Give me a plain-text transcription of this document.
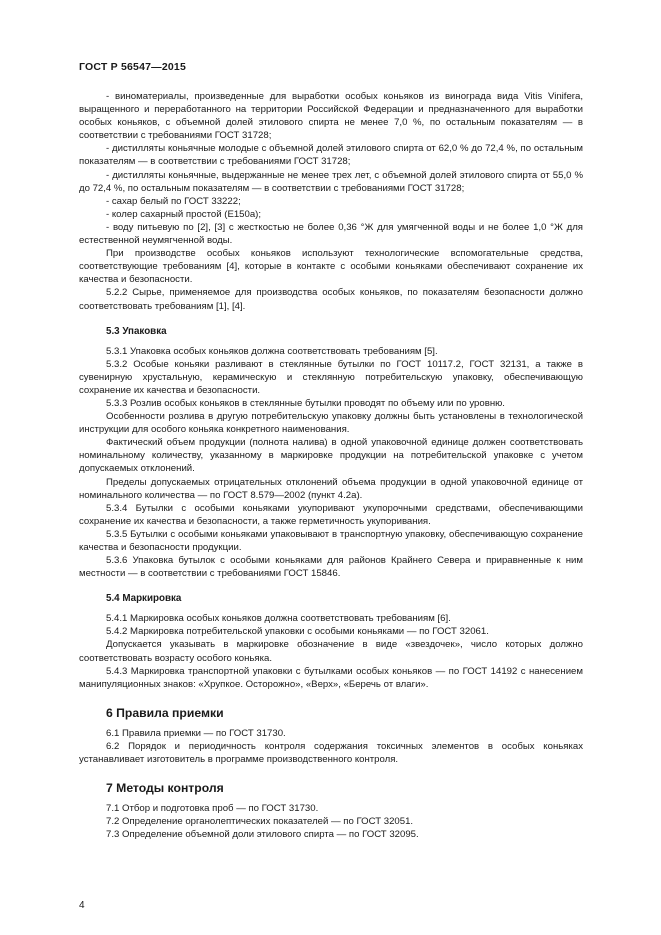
ГОСТ Р 56547—2015

- виноматериалы, произведенные для выработки особых коньяков из винограда вида Vitis Vinifera, выращенного и переработанного на территории Российской Федерации и предназначенного для выработки особых коньяков, с объемной долей этилового спирта не менее 7,0 %, по остальным показателям — в соответствии с требованиями ГОСТ 31728;

- дистилляты коньячные молодые с объемной долей этилового спирта от 62,0 % до 72,4 %, по остальным показателям — в соответствии с требованиями ГОСТ 31728;

- дистилляты коньячные, выдержанные не менее трех лет, с объемной долей этилового спирта от 55,0 % до 72,4 %, по остальным показателям — в соответствии с требованиями ГОСТ 31728;

- сахар белый по ГОСТ 33222;

- колер сахарный простой (Е150а);

- воду питьевую по [2], [3] с жесткостью не более 0,36 °Ж для умягченной воды и не более 1,0 °Ж для естественной неумягченной воды.

При производстве особых коньяков используют технологические вспомогательные средства, соответствующие требованиям [4], которые в контакте с особыми коньяками обеспечивают сохранение их качества и безопасности.

5.2.2 Сырье, применяемое для производства особых коньяков, по показателям безопасности должно соответствовать требованиям [1], [4].

5.3 Упаковка

5.3.1 Упаковка особых коньяков должна соответствовать требованиям [5].

5.3.2 Особые коньяки разливают в стеклянные бутылки по ГОСТ 10117.2, ГОСТ 32131, а также в сувенирную хрустальную, керамическую и стеклянную потребительскую упаковку, обеспечивающую сохранение их качества и безопасности.

5.3.3 Розлив особых коньяков в стеклянные бутылки проводят по объему или по уровню.

Особенности розлива в другую потребительскую упаковку должны быть установлены в технологической инструкции для особого коньяка конкретного наименования.

Фактический объем продукции (полнота налива) в одной упаковочной единице должен соответствовать номинальному количеству, указанному в маркировке продукции на потребительской упаковке с учетом допускаемых отклонений.

Пределы допускаемых отрицательных отклонений объема продукции в одной упаковочной единице от номинального количества — по ГОСТ 8.579—2002 (пункт 4.2а).

5.3.4 Бутылки с особыми коньяками укупоривают укупорочными средствами, обеспечивающими сохранение их качества и безопасности, а также герметичность укупоривания.

5.3.5 Бутылки с особыми коньяками упаковывают в транспортную упаковку, обеспечивающую сохранение качества и безопасности продукции.

5.3.6 Упаковка бутылок с особыми коньяками для районов Крайнего Севера и приравненные к ним местности — в соответствии с требованиями ГОСТ 15846.

5.4 Маркировка

5.4.1 Маркировка особых коньяков должна соответствовать требованиям [6].

5.4.2 Маркировка потребительской упаковки с особыми коньяками — по ГОСТ 32061.

Допускается указывать в маркировке обозначение в виде «звездочек», число которых должно соответствовать возрасту особого коньяка.

5.4.3 Маркировка транспортной упаковки с бутылками особых коньяков — по ГОСТ 14192 с нанесением манипуляционных знаков: «Хрупкое. Осторожно», «Верх», «Беречь от влаги».

6 Правила приемки

6.1 Правила приемки — по ГОСТ 31730.

6.2 Порядок и периодичность контроля содержания токсичных элементов в особых коньяках устанавливает изготовитель в программе производственного контроля.

7 Методы контроля

7.1 Отбор и подготовка проб — по ГОСТ 31730.

7.2 Определение органолептических показателей — по ГОСТ 32051.

7.3 Определение объемной доли этилового спирта — по ГОСТ 32095.

4
